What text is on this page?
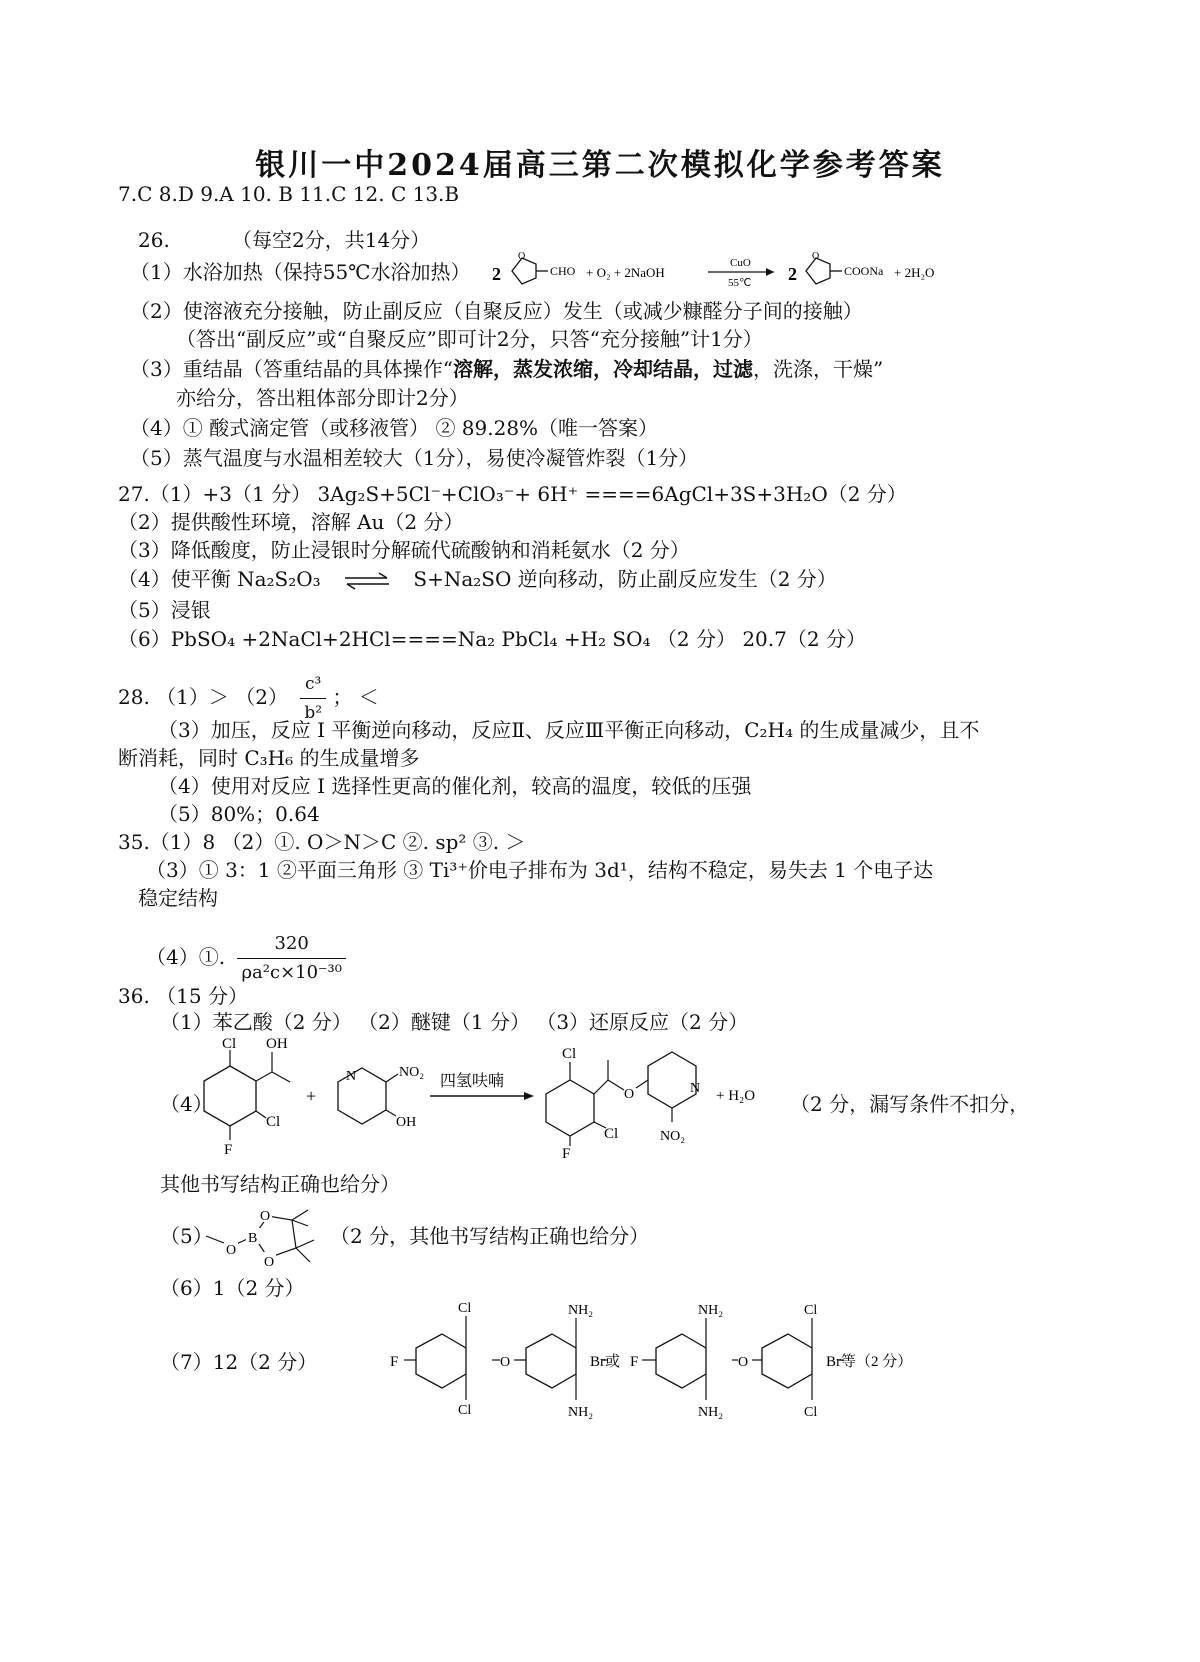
银川一中2024届高三第二次模拟化学参考答案
7.C 8.D 9.A 10. B 11.C 12. C 13.B
26.	（每空2分，共14分）
（1）水浴加热（保持55℃水浴加热） 2
O
CHO + O₂ + 2NaOH
CuO
55℃ 2
O
COONa + 2H₂O
（2）使溶液充分接触，防止副反应（自聚反应）发生（或减少糠醛分子间的接触）
（答出“副反应”或“自聚反应”即可计2分，只答“充分接触”计1分）
（3）重结晶（答重结晶的具体操作“溶解，蒸发浓缩，冷却结晶，过滤，洗涤，干燥”
亦给分，答出粗体部分即计2分）
（4）① 酸式滴定管（或移液管） ② 89.28%（唯一答案）
（5）蒸气温度与水温相差较大（1分），易使冷凝管炸裂（1分）
27.（1）+3（1 分） 3Ag₂S+5Cl⁻+ClO₃⁻+ 6H⁺ ====6AgCl+3S+3H₂O（2 分）
（2）提供酸性环境，溶解 Au（2 分）
（3）降低酸度，防止浸银时分解硫代硫酸钠和消耗氨水（2 分）
（4）使平衡 Na₂S₂O₃ ⇌ S+Na₂SO 逆向移动，防止副反应发生（2 分）
（5）浸银
（6）PbSO₄ +2NaCl+2HCl====Na₂ PbCl₄ +H₂ SO₄ （2 分） 20.7（2 分）
28. $(1)> (2) \frac{\text{c³}}{\text{b²}}$ ； ＜
（3）加压，反应 I 平衡逆向移动，反应Ⅱ、反应Ⅲ平衡正向移动，C₂H₄ 的生成量减少，且不
断消耗，同时 C₃H₆ 的生成量增多
（4）使用对反应 I 选择性更高的催化剂，较高的温度，较低的压强
（5）80%；0.64
35.（1）8 （2）①. O＞N＞C ②. sp² ③. ＞
（3）① 3：1 ②平面三角形 ③ Ti³⁺价电子排布为 3d¹，结构不稳定，易失去 1 个电子达
稳定结构
（4）①. $\frac{320}{\text{ρa²c×10⁻³⁰}}$
36. （15 分）
（1）苯乙酸（2 分） （2）醚键（1 分） （3）还原反应（2 分）
（4）
Cl OH
Cl
F
+
N	NO₂
OH
四氢呋喃
Cl
O	N
NO₂
Cl
F
+ H₂O （2 分，漏写条件不扣分，
其他书写结构正确也给分）
（5）
O
B
O
O
（2 分，其他书写结构正确也给分）
（6）1（2 分）
（7）12（2 分）	F
Cl
Cl
O
NH₂
NH₂
Br或 F
NH₂
NH₂
O
Cl
Cl
Br等（2 分）
